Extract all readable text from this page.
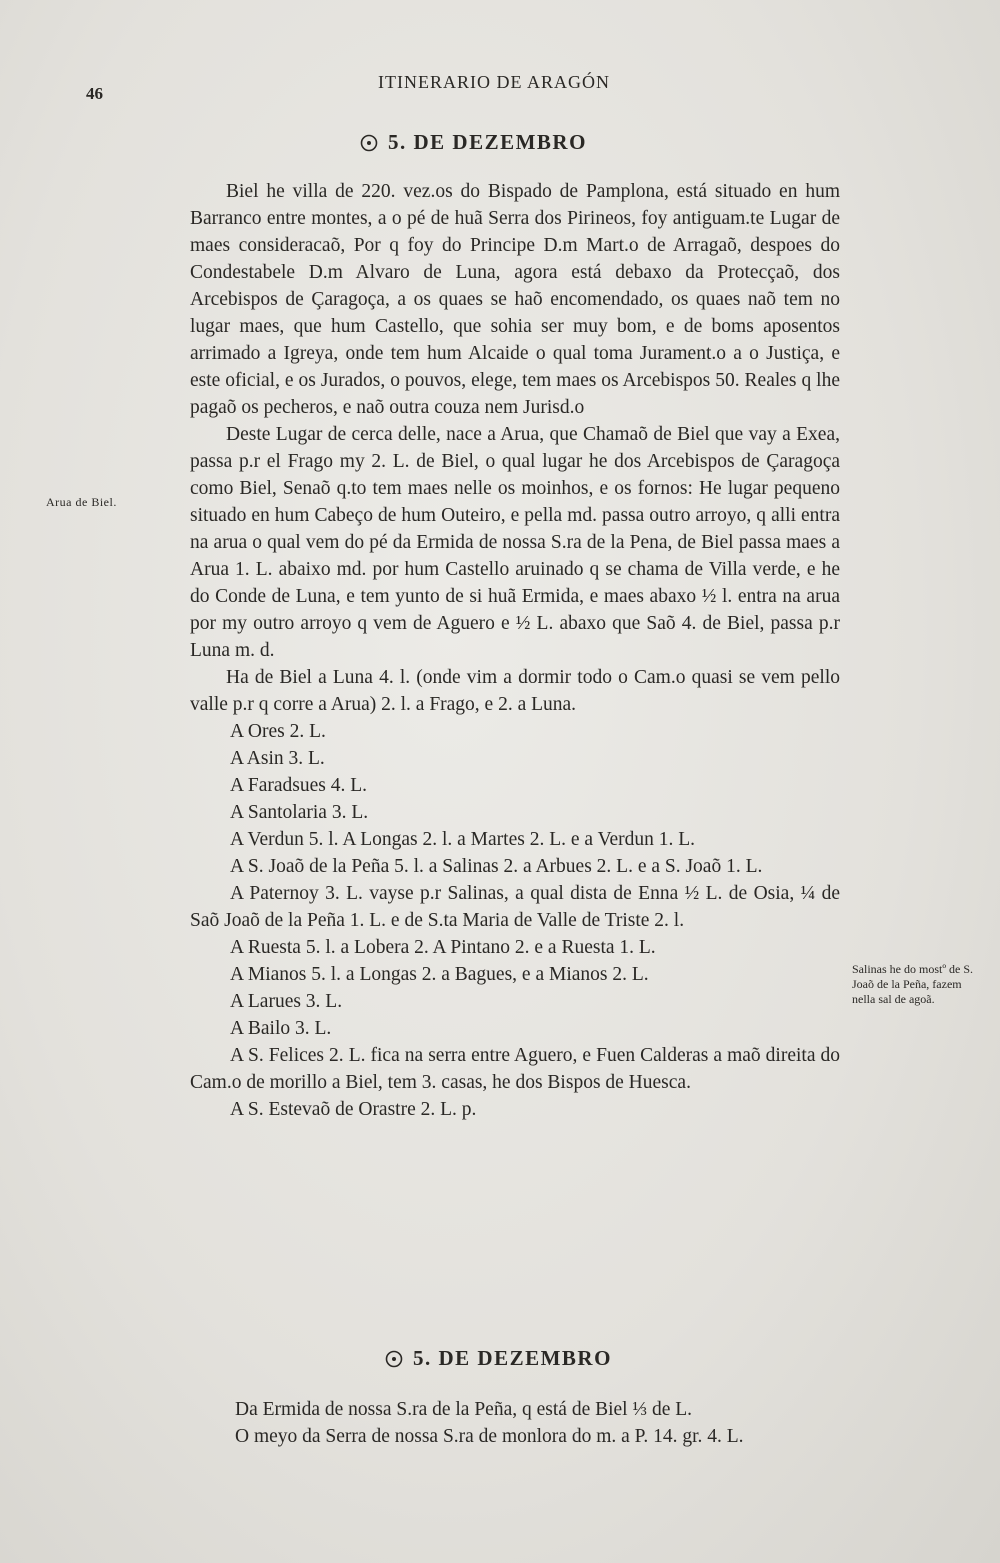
46
ITINERARIO DE ARAGÓN
5. DE DEZEMBRO

Biel he villa de 220. vez.os do Bispado de Pamplona, está situado en hum Barranco entre montes, a o pé de huã Serra dos Pirineos, foy antiguam.te Lugar de maes consideracaõ, Por q foy do Principe D.m Mart.o de Arragaõ, despoes do Condestabele D.m Alvaro de Luna, agora está debaxo da Protecçaõ, dos Arcebispos de Çaragoça, a os quaes se haõ encomendado, os quaes naõ tem no lugar maes, que hum Castello, que sohia ser muy bom, e de boms aposentos arrimado a Igreya, onde tem hum Alcaide o qual toma Jurament.o a o Justiça, e este oficial, e os Jurados, o pouvos, elege, tem maes os Arcebispos 50. Reales q lhe pagaõ os pecheros, e naõ outra couza nem Jurisd.o

Deste Lugar de cerca delle, nace a Arua, que Chamaõ de Biel que vay a Exea, passa p.r el Frago my 2. L. de Biel, o qual lugar he dos Arcebispos de Çaragoça como Biel, Senaõ q.to tem maes nelle os moinhos, e os fornos: He lugar pequeno situado en hum Cabeço de hum Outeiro, e pella md. passa outro arroyo, q alli entra na arua o qual vem do pé da Ermida de nossa S.ra de la Pena, de Biel passa maes a Arua 1. L. abaixo md. por hum Castello aruinado q se chama de Villa verde, e he do Conde de Luna, e tem yunto de si huã Ermida, e maes abaxo ½ l. entra na arua por my outro arroyo q vem de Aguero e ½ L. abaxo que Saõ 4. de Biel, passa p.r Luna m. d.

Ha de Biel a Luna 4. l. (onde vim a dormir todo o Cam.o quasi se vem pello valle p.r q corre a Arua) 2. l. a Frago, e 2. a Luna.

A Ores 2. L.

A Asin 3. L.

A Faradsues 4. L.

A Santolaria 3. L.

A Verdun 5. l. A Longas 2. l. a Martes 2. L. e a Verdun 1. L.

A S. Joaõ de la Peña 5. l. a Salinas 2. a Arbues 2. L. e a S. Joaõ 1. L.

A Paternoy 3. L. vayse p.r Salinas, a qual dista de Enna ½ L. de Osia, ¼ de Saõ Joaõ de la Peña 1. L. e de S.ta Maria de Valle de Triste 2. l.

A Ruesta 5. l. a Lobera 2. A Pintano 2. e a Ruesta 1. L.

A Mianos 5. l. a Longas 2. a Bagues, e a Mianos 2. L.

A Larues 3. L.

A Bailo 3. L.

A S. Felices 2. L. fica na serra entre Aguero, e Fuen Calderas a maõ direita do Cam.o de morillo a Biel, tem 3. casas, he dos Bispos de Huesca.

A S. Estevaõ de Orastre 2. L. p.

Arua de Biel.
Salinas he do mostº de S. Joaõ de la Peña, fazem nella sal de agoã.
5. DE DEZEMBRO

Da Ermida de nossa S.ra de la Peña, q está de Biel ⅓ de L.

O meyo da Serra de nossa S.ra de monlora do m. a P. 14. gr. 4. L.
